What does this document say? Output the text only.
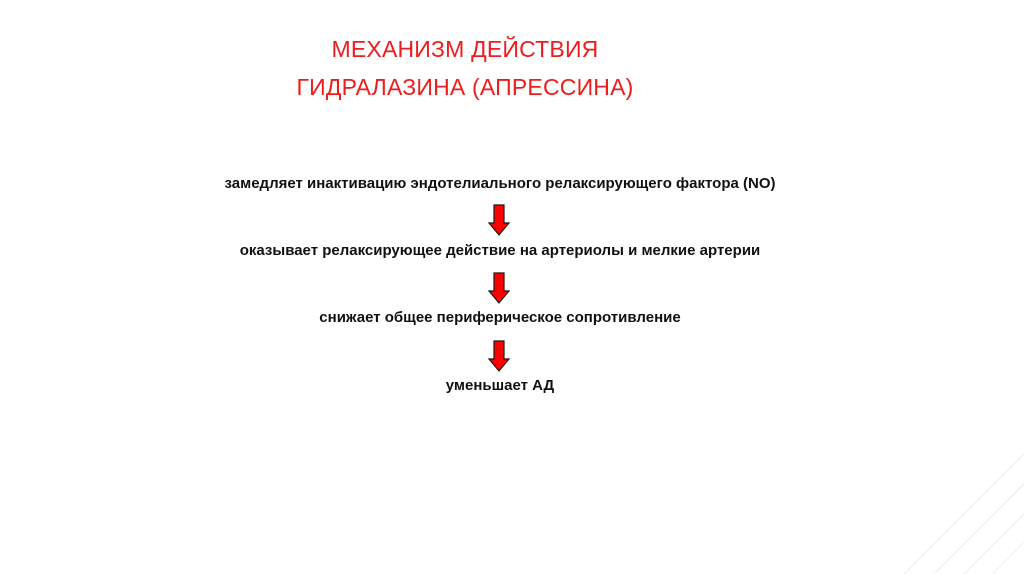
МЕХАНИЗМ ДЕЙСТВИЯ
ГИДРАЛАЗИНА (АПРЕССИНА)
замедляет инактивацию эндотелиального релаксирующего фактора (NO)
оказывает релаксирующее действие на артериолы и мелкие артерии
снижает общее периферическое сопротивление
уменьшает АД
